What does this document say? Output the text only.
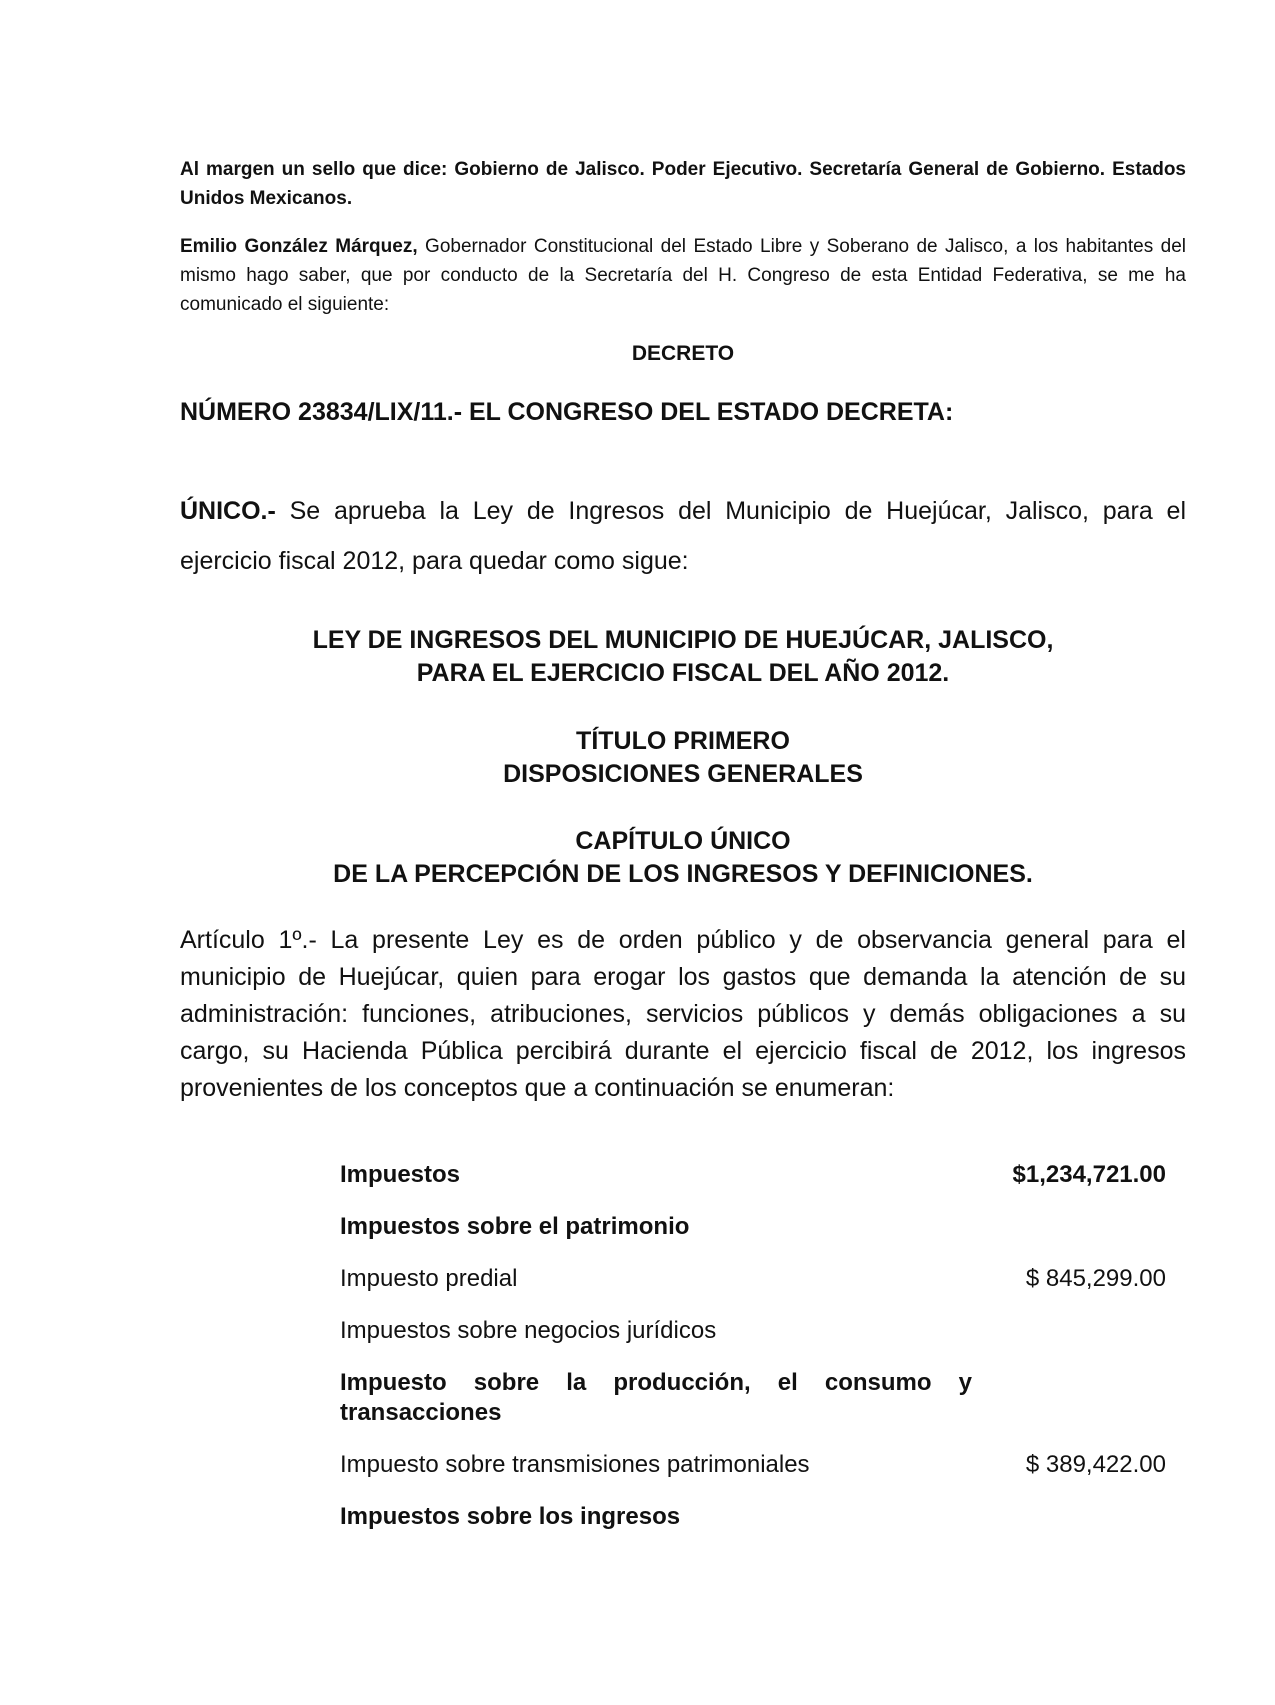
Al margen un sello que dice: Gobierno de Jalisco. Poder Ejecutivo. Secretaría General de Gobierno. Estados Unidos Mexicanos.

Emilio González Márquez, Gobernador Constitucional del Estado Libre y Soberano de Jalisco, a los habitantes del mismo hago saber, que por conducto de la Secretaría del H. Congreso de esta Entidad Federativa, se me ha comunicado el siguiente:

DECRETO
NÚMERO 23834/LIX/11.- EL CONGRESO DEL ESTADO DECRETA:

ÚNICO.- Se aprueba la Ley de Ingresos del Municipio de Huejúcar, Jalisco, para el ejercicio fiscal 2012, para quedar como sigue:

LEY DE INGRESOS DEL MUNICIPIO DE HUEJÚCAR, JALISCO,
PARA EL EJERCICIO FISCAL DEL AÑO 2012.
TÍTULO PRIMERO
DISPOSICIONES GENERALES
CAPÍTULO ÚNICO
DE LA PERCEPCIÓN DE LOS INGRESOS Y DEFINICIONES.

Artículo 1º.- La presente Ley es de orden público y de observancia general para el municipio de Huejúcar, quien para erogar los gastos que demanda la atención de su administración: funciones, atribuciones, servicios públicos y demás obligaciones a su cargo, su Hacienda Pública percibirá durante el ejercicio fiscal de 2012, los ingresos provenientes de los conceptos que a continuación se enumeran:

Impuestos	$1,234,721.00
Impuestos sobre el patrimonio
Impuesto predial	$ 845,299.00
Impuestos sobre negocios jurídicos
Impuesto sobre la producción, el consumo y
transacciones
Impuesto sobre transmisiones patrimoniales	$ 389,422.00
Impuestos sobre los ingresos
